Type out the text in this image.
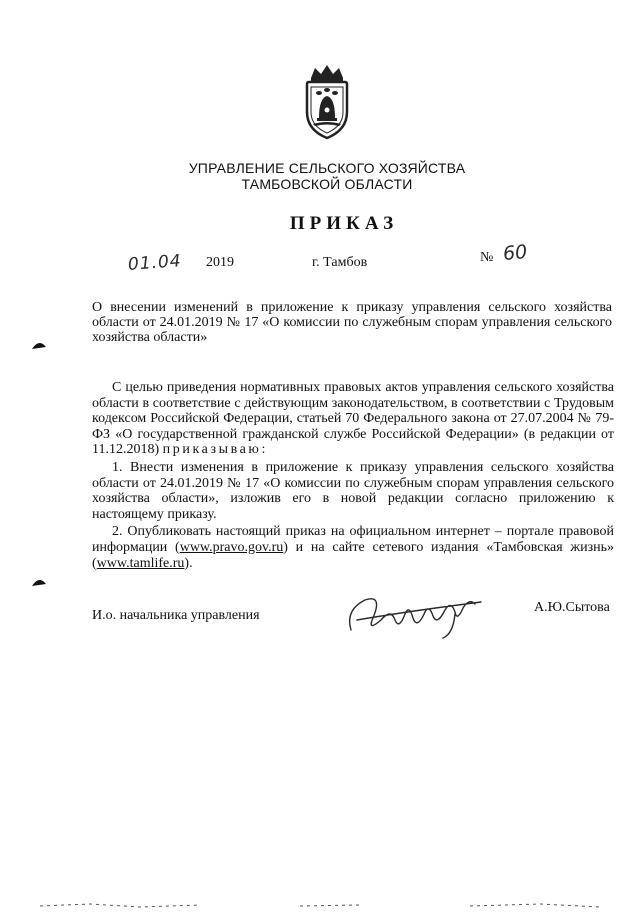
УПРАВЛЕНИЕ СЕЛЬСКОГО ХОЗЯЙСТВА
ТАМБОВСКОЙ ОБЛАСТИ
ПРИКАЗ
01.04 2019	г. Тамбов	№ 60
О внесении изменений в приложение к приказу управления сельского хозяйства области от 24.01.2019 № 17 «О комиссии по служебным спорам управления сельского хозяйства области»

С целью приведения нормативных правовых актов управления сельского хозяйства области в соответствие с действующим законодательством, в соответствии с Трудовым кодексом Российской Федерации, статьей 70 Федерального закона от 27.07.2004 № 79-ФЗ «О государственной гражданской службе Российской Федерации» (в редакции от 11.12.2018) приказываю:

1. Внести изменения в приложение к приказу управления сельского хозяйства области от 24.01.2019 № 17 «О комиссии по служебным спорам управления сельского хозяйства области», изложив его в новой редакции согласно приложению к настоящему приказу.

2. Опубликовать настоящий приказ на официальном интернет – портале правовой информации (www.pravo.gov.ru) и на сайте сетевого издания «Тамбовская жизнь» (www.tamlife.ru).

И.о. начальника управления
А.Ю.Сытова
